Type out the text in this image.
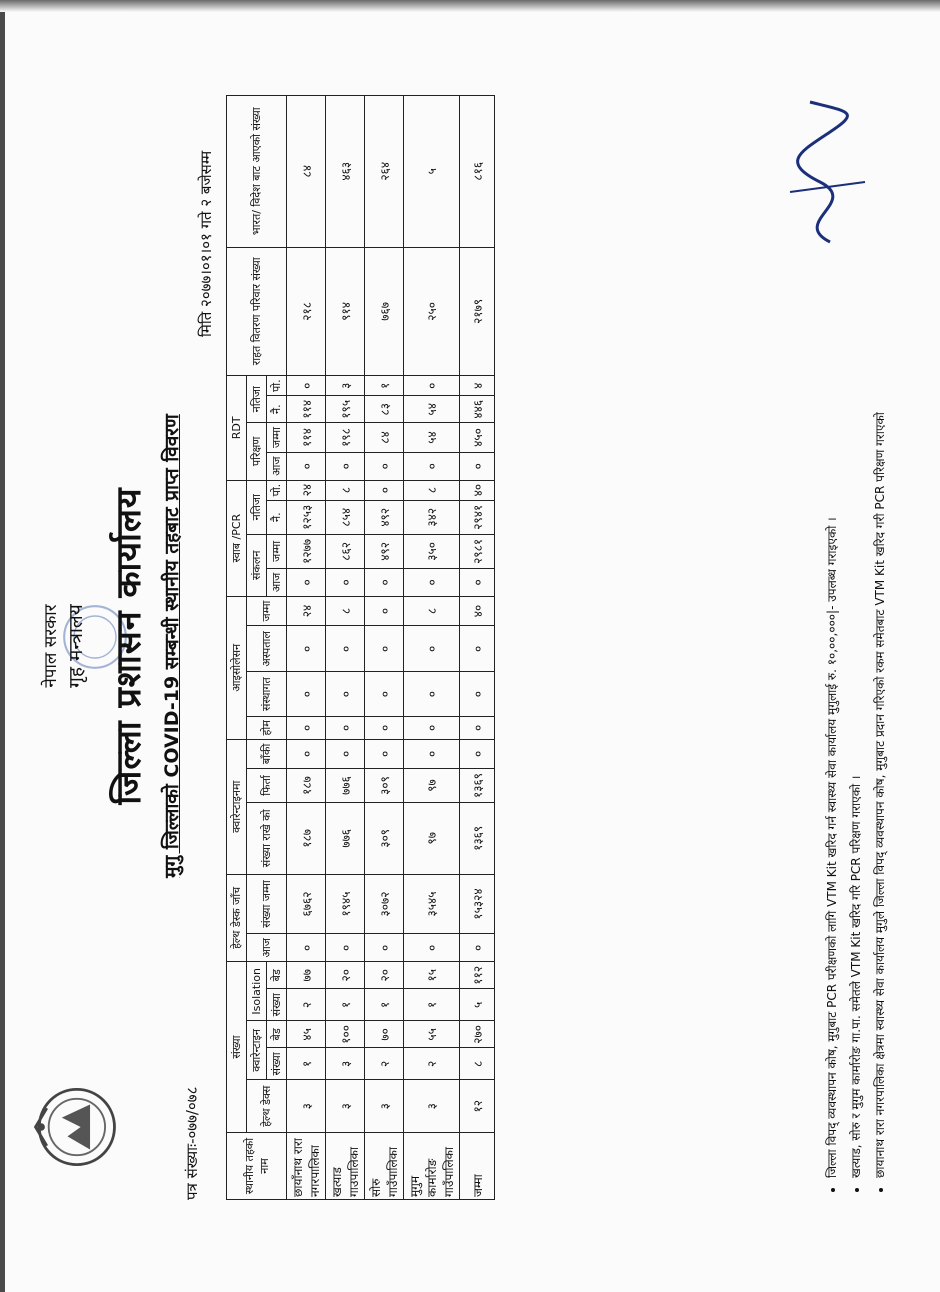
नेपाल सरकार गृह मन्त्रालय जिल्ला प्रशासन कार्यालय मुगु जिल्लाको COVID-19 सम्बन्धी स्थानीय तहबाट प्राप्त विवरण
पत्र संख्याः-०७७/०७८
मिति २०७७।०१।०१ गते २ बजेसम्म
स्थानीय तहको नाम	संख्या					हेल्थ डेस्क जाँच		क्वारेन्टाइनमा			आइसोलेसन				स्वाब /PCR				RDT				राहत वितरण परिवार संख्या	भारत/ विदेश बाट आएको संख्या
	हेल्थ डेक्स	क्वारेन्टाइन		Isolation		आज	संख्या जम्मा	संख्या राखे को	फिर्ता	बाँकी	होम	संस्थागत	अस्पताल	जम्मा	संकलन		नतिजा		परिक्षण		नतिजा			
		संख्या	बेड	संख्या	बेड										आज	जम्मा	नै.	पो.	आज	जम्मा	नै.	पो.		
छायाँनाथ रारा नगरपालिका	३	१	४५	२	७७	०	६७६२	१८७	१८७	०	०	०	०	२४	०	१२७७	१२५३	२४	०	११४	११४	०	२१८	८४
खत्याड गाउपालिका	३	३	१००	१	२०	०	१९४५	७७६	७७६	०	०	०	०	८	०	८६२	८५४	८	०	१९८	१९५	३	९१४	४६३
सोरु गाउँपालिका	३	२	७०	१	२०	०	३०७२	३०९	३०९	०	०	०	०	०	०	४९२	४९२	०	०	८४	८३	१	७६७	२६४
मुगुम कार्मारोङ गाउँपालिका	३	२	५५	१	१५	०	३५४५	९७	९७	०	०	०	०	८	०	३५०	३४२	८	०	५४	५४	०	२५०	५
जम्मा	१२	८	२७०	५	११२	०	१५३२४	१३६९	१३६९	०	०	०	०	४०	०	२९८१	२९४१	४०	०	४५०	४४६	४	२१७९	८१६
• जिल्ला विपद् व्यवस्थापन कोष, मुगुबाट PCR परीक्षणको लागि VTM Kit खरिद गर्न स्वास्थ्य सेवा कार्यालय मुगुलाई रु. १०,००,०००|- उपलब्ध गराइएको । • खत्याड, सोरु र मुगुम कार्मारोङ गा.पा. समेतले VTM Kit खरिद गरि PCR परिक्षण गराएको । • छायानाथ रारा नगरपालिका क्षेत्रमा स्वास्थ्य सेवा कार्यालय मुगुले जिल्ला विपद् व्यवस्थापन कोष, मुगुबाट प्रदान गरिएको रकम समेतबाट VTM Kit खरिद गरी PCR परिक्षण गराएको
